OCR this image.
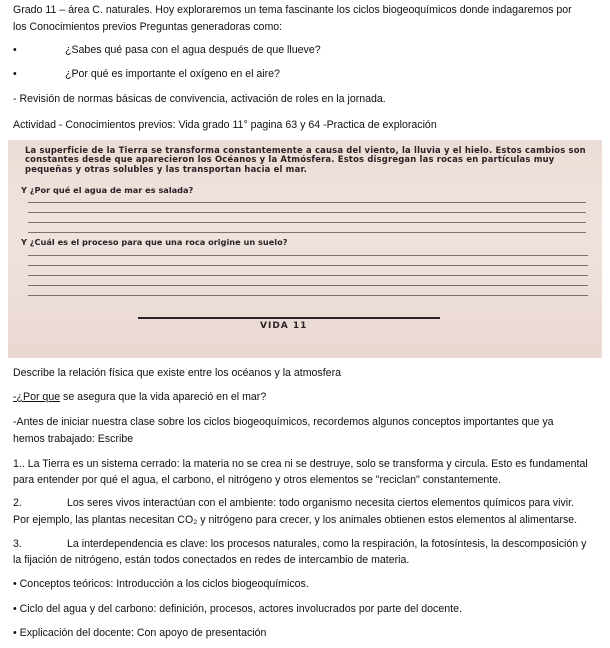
Grado 11 – área C. naturales. Hoy exploraremos un tema fascinante los ciclos biogeoquímicos donde indagaremos por
los Conocimientos previos Preguntas generadoras como:
•	¿Sabes qué pasa con el agua después de que llueve?
•	¿Por qué es importante el oxígeno en el aire?
- Revisión de normas básicas de convivencia, activación de roles en la jornada.
Actividad - Conocimientos previos: Vida grado 11° pagina 63 y 64 -Practica de exploración
La superficie de la Tierra se transforma constantemente a causa del viento, la lluvia y el hielo. Estos cambios son constantes desde que aparecieron los Océanos y la Atmósfera. Estos disgregan las rocas en partículas muy pequeñas y otras solubles y las transportan hacia el mar.
Υ ¿Por qué el agua de mar es salada?
Υ ¿Cuál es el proceso para que una roca origine un suelo?
VIDA 11
Describe la relación física que existe entre los océanos y la atmosfera
-¿Por que se asegura que la vida apareció en el mar?
-Antes de iniciar nuestra clase sobre los ciclos biogeoquímicos, recordemos algunos conceptos importantes que ya
hemos trabajado: Escribe
1.. La Tierra es un sistema cerrado: la materia no se crea ni se destruye, solo se transforma y circula. Esto es fundamental
para entender por qué el agua, el carbono, el nitrógeno y otros elementos se "reciclan" constantemente.
2.	Los seres vivos interactúan con el ambiente: todo organismo necesita ciertos elementos químicos para vivir.
Por ejemplo, las plantas necesitan CO₂ y nitrógeno para crecer, y los animales obtienen estos elementos al alimentarse.
3.	La interdependencia es clave: los procesos naturales, como la respiración, la fotosíntesis, la descomposición y
la fijación de nitrógeno, están todos conectados en redes de intercambio de materia.
• Conceptos teóricos: Introducción a los ciclos biogeoquímicos.
• Ciclo del agua y del carbono: definición, procesos, actores involucrados por parte del docente.
• Explicación del docente: Con apoyo de presentación
